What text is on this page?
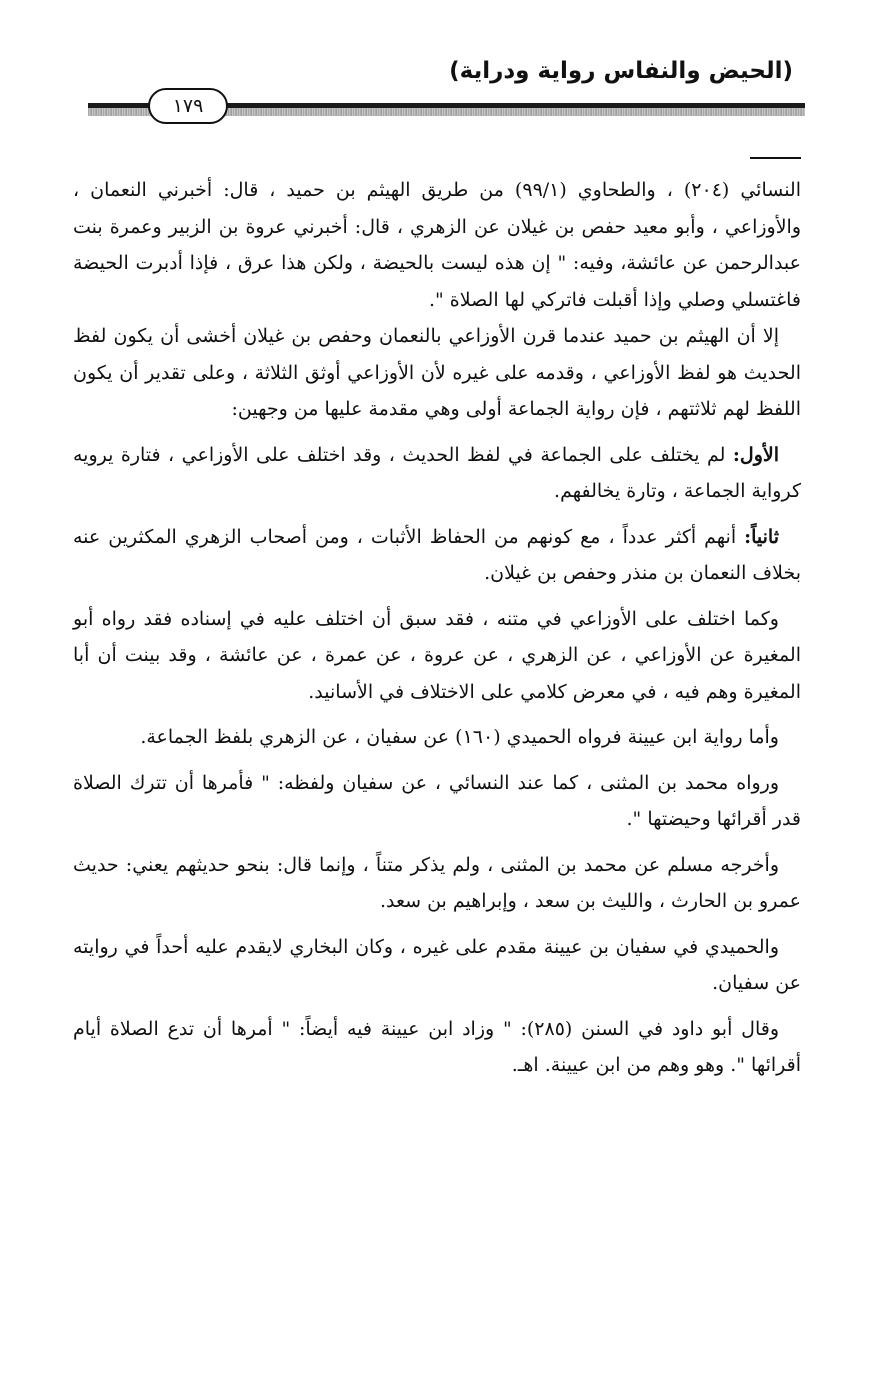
(الحيض والنفاس رواية ودراية)
١٧٩

النسائي (٢٠٤) ، والطحاوي (٩٩/١) من طريق الهيثم بن حميد ، قال: أخبرني النعمان ، والأوزاعي ، وأبو معيد حفص بن غيلان عن الزهري ، قال: أخبرني عروة بن الزبير وعمرة بنت عبدالرحمن عن عائشة، وفيه: " إن هذه ليست بالحيضة ، ولكن هذا عرق ، فإذا أدبرت الحيضة فاغتسلي وصلي وإذا أقبلت فاتركي لها الصلاة ".

إلا أن الهيثم بن حميد عندما قرن الأوزاعي بالنعمان وحفص بن غيلان أخشى أن يكون لفظ الحديث هو لفظ الأوزاعي ، وقدمه على غيره لأن الأوزاعي أوثق الثلاثة ، وعلى تقدير أن يكون اللفظ لهم ثلاثتهم ، فإن رواية الجماعة أولى وهي مقدمة عليها من وجهين:

الأول: لم يختلف على الجماعة في لفظ الحديث ، وقد اختلف على الأوزاعي ، فتارة يرويه كرواية الجماعة ، وتارة يخالفهم.

ثانياً: أنهم أكثر عدداً ، مع كونهم من الحفاظ الأثبات ، ومن أصحاب الزهري المكثرين عنه بخلاف النعمان بن منذر وحفص بن غيلان.

وكما اختلف على الأوزاعي في متنه ، فقد سبق أن اختلف عليه في إسناده فقد رواه أبو المغيرة عن الأوزاعي ، عن الزهري ، عن عروة ، عن عمرة ، عن عائشة ، وقد بينت أن أبا المغيرة وهم فيه ، في معرض كلامي على الاختلاف في الأسانيد.

وأما رواية ابن عيينة فرواه الحميدي (١٦٠) عن سفيان ، عن الزهري بلفظ الجماعة.

ورواه محمد بن المثنى ، كما عند النسائي ، عن سفيان ولفظه: " فأمرها أن تترك الصلاة قدر أقرائها وحيضتها ".

وأخرجه مسلم عن محمد بن المثنى ، ولم يذكر متناً ، وإنما قال: بنحو حديثهم يعني: حديث عمرو بن الحارث ، والليث بن سعد ، وإبراهيم بن سعد.

والحميدي في سفيان بن عيينة مقدم على غيره ، وكان البخاري لايقدم عليه أحداً في روايته عن سفيان.

وقال أبو داود في السنن (٢٨٥): " وزاد ابن عيينة فيه أيضاً: " أمرها أن تدع الصلاة أيام أقرائها ". وهو وهم من ابن عيينة. اهـ.
